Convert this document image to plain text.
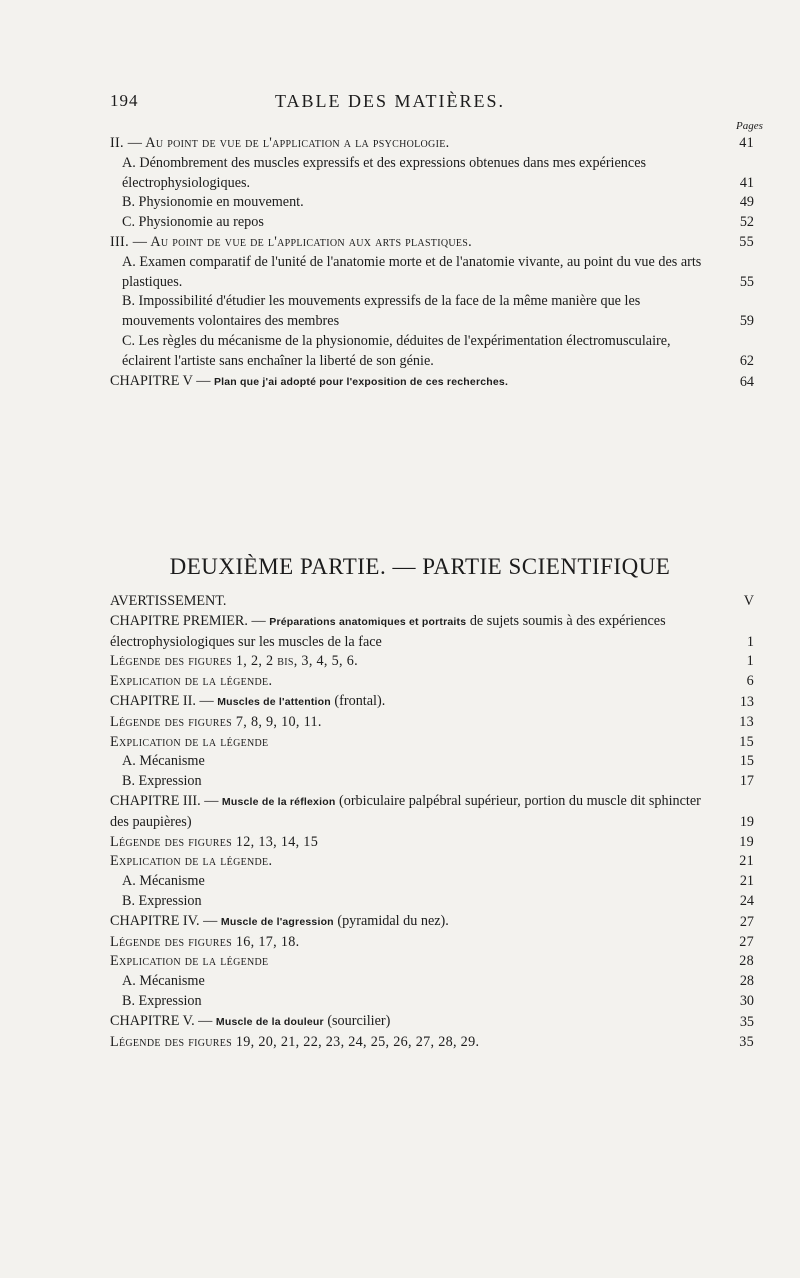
194	TABLE DES MATIÈRES.
Pages
II. — Au point de vue de l'application a la psychologie.	41
A. Dénombrement des muscles expressifs et des expressions obtenues dans mes expériences électrophysiologiques.	41
B. Physionomie en mouvement.	49
C. Physionomie au repos	52
III. — Au point de vue de l'application aux arts plastiques.	55
A. Examen comparatif de l'unité de l'anatomie morte et de l'anatomie vivante, au point du vue des arts plastiques.	55
B. Impossibilité d'étudier les mouvements expressifs de la face de la même manière que les mouvements volontaires des membres	59
C. Les règles du mécanisme de la physionomie, déduites de l'expérimentation électromusculaire, éclairent l'artiste sans enchaîner la liberté de son génie.	62
CHAPITRE V — Plan que j'ai adopté pour l'exposition de ces recherches.	64
DEUXIÈME PARTIE. — PARTIE SCIENTIFIQUE
AVERTISSEMENT.	V
CHAPITRE PREMIER. — Préparations anatomiques et portraits de sujets soumis à des expériences électrophysiologiques sur les muscles de la face	1
Légende des figures 1, 2, 2 bis, 3, 4, 5, 6.	1
Explication de la légende.	6
CHAPITRE II. — Muscles de l'attention (frontal).	13
Légende des figures 7, 8, 9, 10, 11.	13
Explication de la légende	15
A. Mécanisme	15
B. Expression	17
CHAPITRE III. — Muscle de la réflexion (orbiculaire palpébral supérieur, portion du muscle dit sphincter des paupières)	19
Légende des figures 12, 13, 14, 15	19
Explication de la légende.	21
A. Mécanisme	21
B. Expression	24
CHAPITRE IV. — Muscle de l'agression (pyramidal du nez).	27
Légende des figures 16, 17, 18.	27
Explication de la légende	28
A. Mécanisme	28
B. Expression	30
CHAPITRE V. — Muscle de la douleur (sourcilier)	35
Légende des figures 19, 20, 21, 22, 23, 24, 25, 26, 27, 28, 29.	35
